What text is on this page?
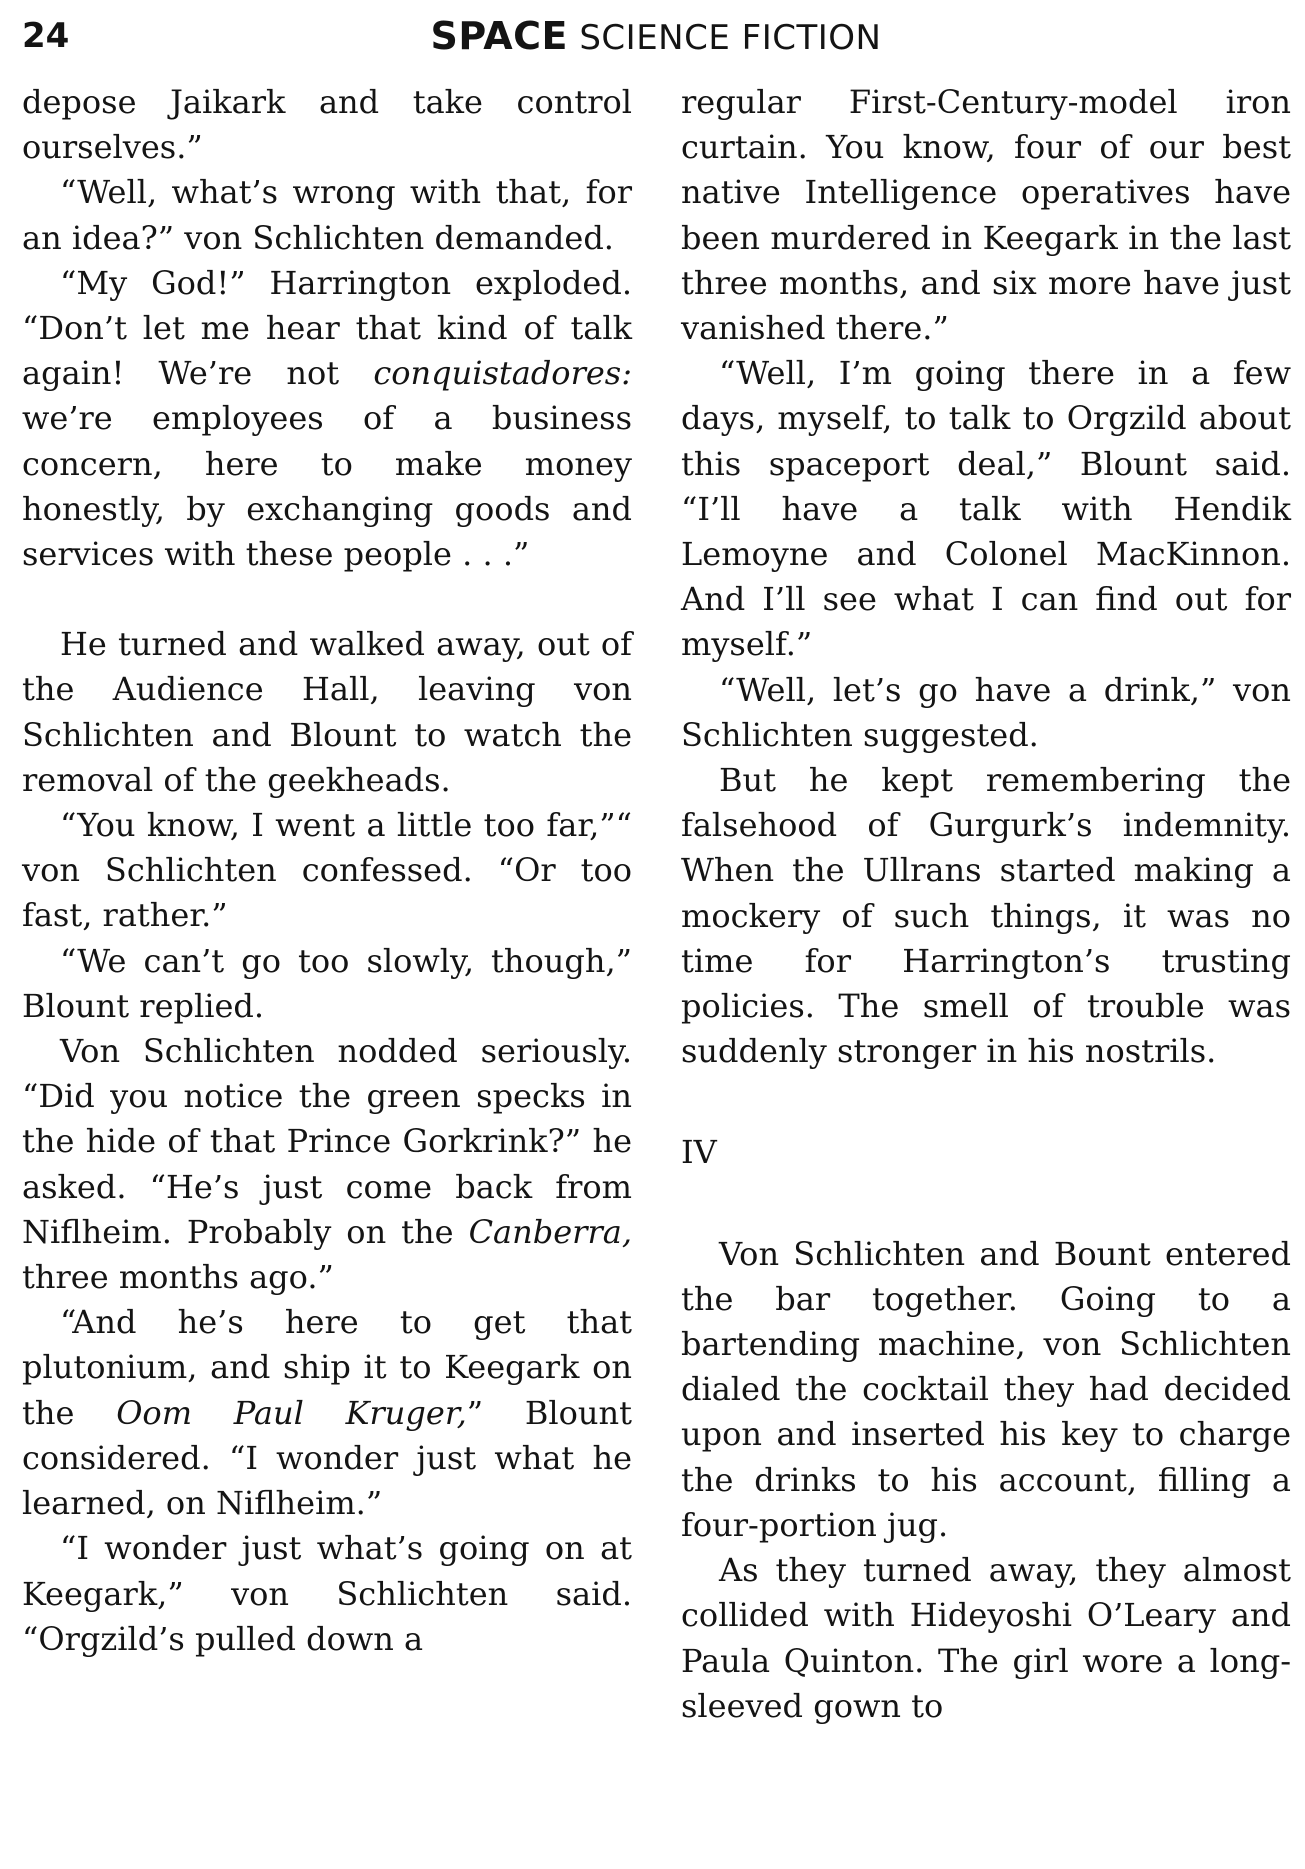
24	SPACE SCIENCE FICTION

depose Jaikark and take control ourselves.”

“Well, what’s wrong with that, for an idea?” von Schlichten demanded.

“My God!” Harrington exploded. “Don’t let me hear that kind of talk again! We’re not conquistadores: we’re employees of a business concern, here to make money honestly, by exchanging goods and services with these people . . .”

He turned and walked away, out of the Audience Hall, leaving von Schlichten and Blount to watch the removal of the geekheads.

“You know, I went a little too far,”“ von Schlichten confessed. “Or too fast, rather.”

“We can’t go too slowly, though,” Blount replied.

Von Schlichten nodded seriously. “Did you notice the green specks in the hide of that Prince Gorkrink?” he asked. “He’s just come back from Niflheim. Probably on the Canberra, three months ago.”

“And he’s here to get that plutonium, and ship it to Keegark on the Oom Paul Kruger,” Blount considered. “I wonder just what he learned, on Niflheim.”

“I wonder just what’s going on at Keegark,” von Schlichten said. “Orgzild’s pulled down a

regular First-Century-model iron curtain. You know, four of our best native Intelligence operatives have been murdered in Keegark in the last three months, and six more have just vanished there.”

“Well, I’m going there in a few days, myself, to talk to Orgzild about this spaceport deal,” Blount said. “I’ll have a talk with Hendik Lemoyne and Colonel MacKinnon. And I’ll see what I can find out for myself.”

“Well, let’s go have a drink,” von Schlichten suggested.

But he kept remembering the falsehood of Gurgurk’s indemnity. When the Ullrans started making a mockery of such things, it was no time for Harrington’s trusting policies. The smell of trouble was suddenly stronger in his nostrils.

IV

Von Schlichten and Bount entered the bar together. Going to a bartending machine, von Schlichten dialed the cocktail they had decided upon and inserted his key to charge the drinks to his account, filling a four-portion jug.

As they turned away, they almost collided with Hideyoshi O’Leary and Paula Quinton. The girl wore a long-sleeved gown to
